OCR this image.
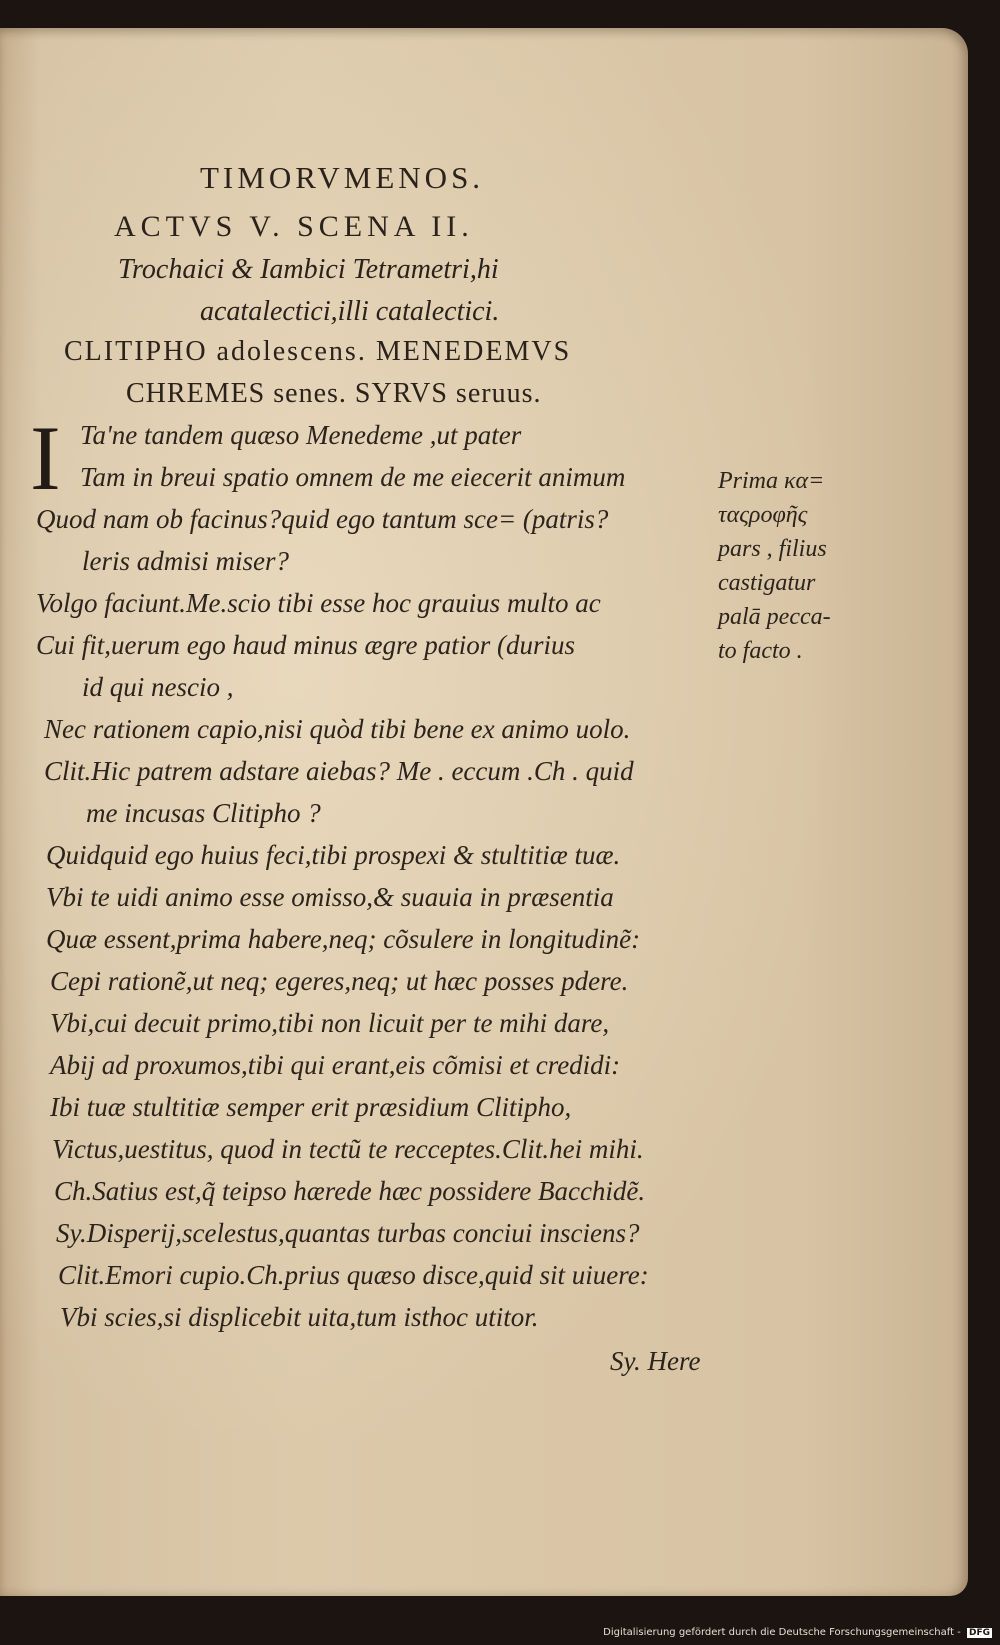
TIMORVMENOS.
ACTVS V. SCENA II.
Trochaici & Iambici Tetrametri,hi
acatalectici,illi catalectici.
CLITIPHO adolescens. MENEDEMVS
CHREMES senes. SYRVS seruus.
I Ta'ne tandem quæso Menedeme ,ut pater
Tam in breui spatio omnem de me eiecerit animum
Quod nam ob facinus?quid ego tantum sce= (patris?
leris admisi miser?
Volgo faciunt.Me.scio tibi esse hoc grauius multo ac
Cui fit,uerum ego haud minus ægre patior (durius
id qui nescio ,
Nec rationem capio,nisi quòd tibi bene ex animo uolo.
Clit.Hic patrem adstare aiebas? Me . eccum .Ch . quid
me incusas Clitipho ?
Quidquid ego huius feci,tibi prospexi & stultitiæ tuæ.
Vbi te uidi animo esse omisso,& suauia in præsentia
Quæ essent,prima habere,neq; cõsulere in longitudinẽ:
Cepi rationẽ,ut neq; egeres,neq; ut hæc posses pdere.
Vbi,cui decuit primo,tibi non licuit per te mihi dare,
Abij ad proxumos,tibi qui erant,eis cõmisi et credidi:
Ibi tuæ stultitiæ semper erit præsidium Clitipho,
Victus,uestitus, quod in tectũ te recceptes.Clit.hei mihi.
Ch.Satius est,q̃ teipso hærede hæc possidere Bacchidẽ.
Sy.Disperij,scelestus,quantas turbas conciui insciens?
Clit.Emori cupio.Ch.prius quæso disce,quid sit uiuere:
Vbi scies,si displicebit uita,tum isthoc utitor.
Prima κα=
ταςροφῆς
pars , filius
castigatur
palā pecca-
to facto .
Sy. Here
Digitalisierung gefördert durch die Deutsche Forschungsgemeinschaft - DFG
